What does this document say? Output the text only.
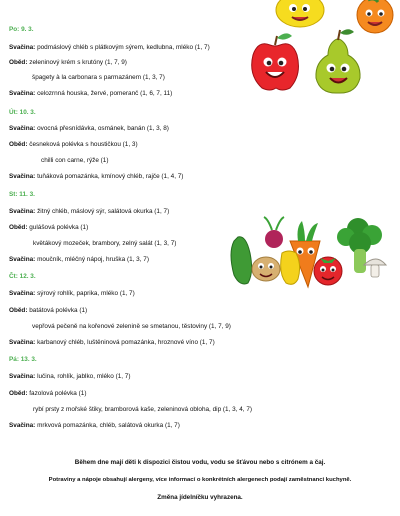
Po: 9. 3.
Svačina: podmáslový chléb s plátkovým sýrem, kedlubna, mléko (1, 7)
Oběd: zeleninový krém s krutóny (1, 7, 9)
špagety à la carbonara s parmazánem (1, 3, 7)
Svačina: celozrnná houska, žervé, pomeranč (1, 6, 7, 11)
Út: 10. 3.
Svačina: ovocná přesnídávka, osmánek, banán (1, 3, 8)
Oběd: česneková polévka s houstičkou (1, 3)
chilli con carne, rýže (1)
Svačina: tuňáková pomazánka, kmínový chléb, rajče (1, 4, 7)
St: 11. 3.
Svačina: žitný chléb, máslový sýr, salátová okurka (1, 7)
Oběd: gulášová polévka (1)
květákový mozeček, brambory, zelný salát (1, 3, 7)
Svačina: moučník, mléčný nápoj, hruška (1, 3, 7)
Čt: 12. 3.
Svačina: sýrový rohlík, paprika, mléko (1, 7)
Oběd: batátová polévka (1)
vepřová pečeně na kořenové zelenině se smetanou, těstoviny (1, 7, 9)
Svačina: karbanový chléb, luštěninová pomazánka, hroznové víno (1, 7)
Pá: 13. 3.
Svačina: lučina, rohlík, jablko, mléko (1, 7)
Oběd: fazolová polévka (1)
rybí prsty z mořské štiky, bramborová kaše, zeleninová obloha, dip (1, 3, 4, 7)
Svačina: mrkvová pomazánka, chléb, salátová okurka (1, 7)
Během dne mají děti k dispozici čistou vodu, vodu se šťávou nebo s citrónem a čaj.
Potraviny a nápoje obsahují alergeny, více informací o konkrétních alergenech podají zaměstnanci kuchyně.
Změna jídelníčku vyhrazena.
